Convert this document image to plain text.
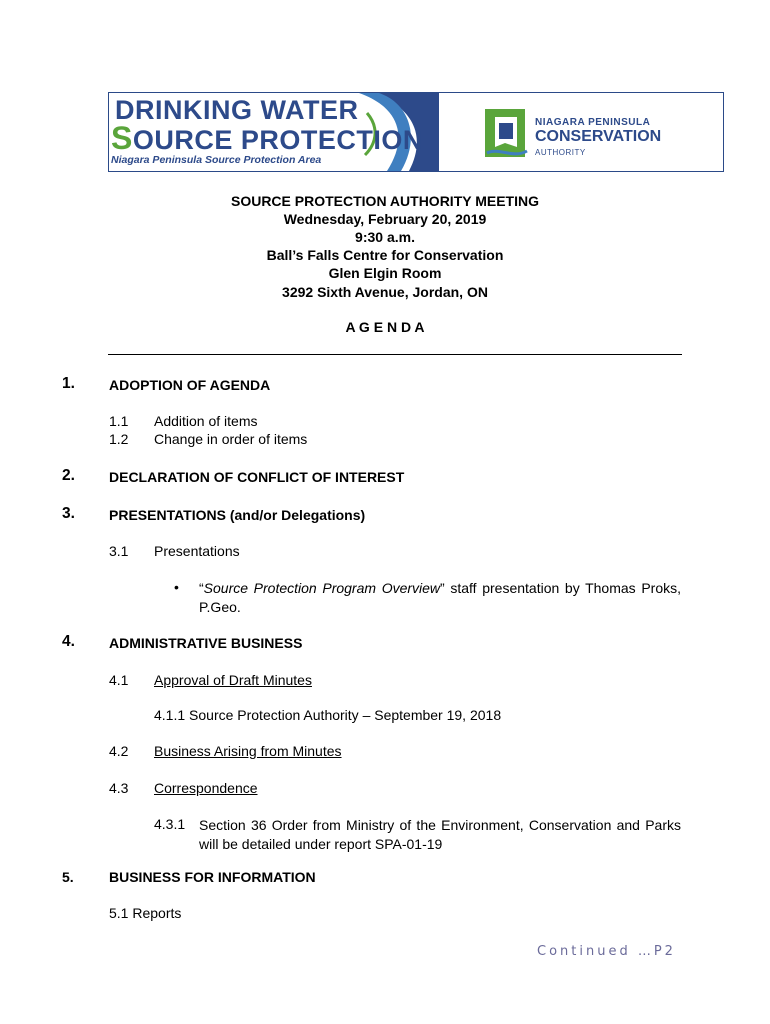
DRINKING WATER
SOURCE PROTECTION
Niagara Peninsula Source Protection Area
NIAGARA PENINSULA
CONSERVATION
AUTHORITY
SOURCE PROTECTION AUTHORITY MEETING
Wednesday, February 20, 2019
9:30 a.m.
Ball’s Falls Centre for Conservation
Glen Elgin Room
3292 Sixth Avenue, Jordan, ON
A G E N D A
1. ADOPTION OF AGENDA
1.1 Addition of items
1.2 Change in order of items
2. DECLARATION OF CONFLICT OF INTEREST
3. PRESENTATIONS (and/or Delegations)
3.1 Presentations
• “Source Protection Program Overview” staff presentation by Thomas Proks, P.Geo.
4. ADMINISTRATIVE BUSINESS
4.1 Approval of Draft Minutes
4.1.1 Source Protection Authority – September 19, 2018
4.2 Business Arising from Minutes
4.3 Correspondence
4.3.1 Section 36 Order from Ministry of the Environment, Conservation and Parks will be detailed under report SPA-01-19
5.	BUSINESS FOR INFORMATION
5.1 Reports
Continued …P2
